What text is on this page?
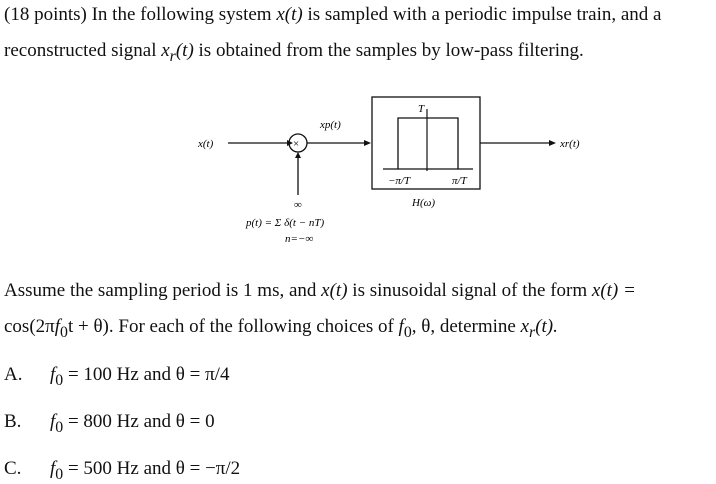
(18 points) In the following system x(t) is sampled with a periodic impulse train, and a
reconstructed signal $x_r(t)$ is obtained from the samples by low-pass filtering.
x(t)	×
xp(t)
p(t) = Σ δ(t − nT)
∞
n=−∞
T
−π/T	π/T
H(ω)
xr(t)
Assume the sampling period is 1 ms, and x(t) is sinusoidal signal of the form x(t) =
$\cos(2\pi f_0t + \theta)$. For each of the following choices of $f_0$, θ, determine $x_r(t)$.
A. $f_0 = 100$ Hz and θ = π/4
B. $f_0 = 800$ Hz and θ = 0
C. $f_0 = 500$ Hz and θ = −π/2
